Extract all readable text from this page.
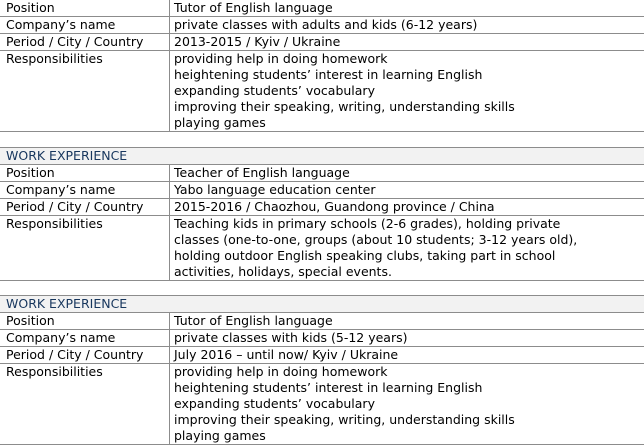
Position	Tutor of English language
Company’s name	private classes with adults and kids (6-12 years)
Period / City / Country	2013-2015 / Kyiv / Ukraine
Responsibilities	providing help in doing homework
heightening students’ interest in learning English
expanding students’ vocabulary
improving their speaking, writing, understanding skills
playing games
WORK EXPERIENCE
Position	Teacher of English language
Company’s name	Yabo language education center
Period / City / Country	2015-2016 / Chaozhou, Guandong province / China
Responsibilities	Teaching kids in primary schools (2-6 grades), holding private
classes (one-to-one, groups (about 10 students; 3-12 years old),
holding outdoor English speaking clubs, taking part in school
activities, holidays, special events.
WORK EXPERIENCE
Position	Tutor of English language
Company’s name	private classes with kids (5-12 years)
Period / City / Country	July 2016 – until now/ Kyiv / Ukraine
Responsibilities	providing help in doing homework
heightening students’ interest in learning English
expanding students’ vocabulary
improving their speaking, writing, understanding skills
playing games
